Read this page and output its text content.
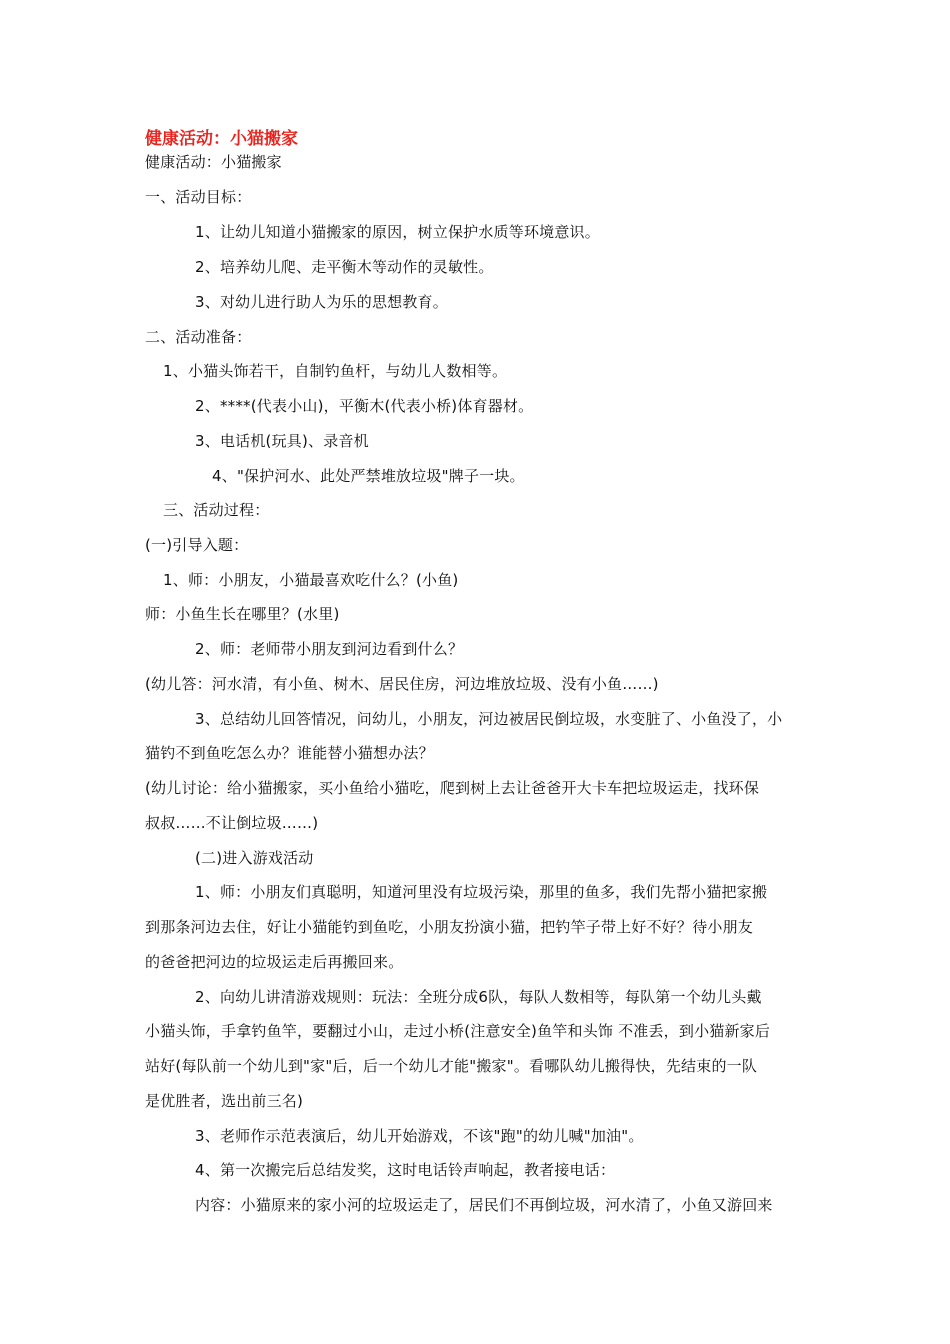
健康活动：小猫搬家
健康活动：小猫搬家
一、活动目标：
1、让幼儿知道小猫搬家的原因，树立保护水质等环境意识。
2、培养幼儿爬、走平衡木等动作的灵敏性。
3、对幼儿进行助人为乐的思想教育。
二、活动准备：
1、小猫头饰若干，自制钓鱼杆，与幼儿人数相等。
2、****(代表小山)，平衡木(代表小桥)体育器材。
3、电话机(玩具)、录音机
4、"保护河水、此处严禁堆放垃圾"牌子一块。
三、活动过程：
(一)引导入题：
1、师：小朋友，小猫最喜欢吃什么？(小鱼)
师：小鱼生长在哪里？(水里)
2、师：老师带小朋友到河边看到什么？
(幼儿答：河水清，有小鱼、树木、居民住房，河边堆放垃圾、没有小鱼……)
3、总结幼儿回答情况，问幼儿，小朋友，河边被居民倒垃圾，水变脏了、小鱼没了，小
猫钓不到鱼吃怎么办？谁能替小猫想办法？
(幼儿讨论：给小猫搬家，买小鱼给小猫吃，爬到树上去让爸爸开大卡车把垃圾运走，找环保
叔叔……不让倒垃圾……)
(二)进入游戏活动
1、师：小朋友们真聪明，知道河里没有垃圾污染，那里的鱼多，我们先帮小猫把家搬
到那条河边去住，好让小猫能钓到鱼吃，小朋友扮演小猫，把钓竿子带上好不好？待小朋友
的爸爸把河边的垃圾运走后再搬回来。
2、向幼儿讲清游戏规则：玩法：全班分成6队，每队人数相等，每队第一个幼儿头戴
小猫头饰，手拿钓鱼竿，要翻过小山，走过小桥(注意安全)鱼竿和头饰 不准丢，到小猫新家后
站好(每队前一个幼儿到"家"后，后一个幼儿才能"搬家"。看哪队幼儿搬得快，先结束的一队
是优胜者，选出前三名)
3、老师作示范表演后，幼儿开始游戏，不该"跑"的幼儿喊"加油"。
4、第一次搬完后总结发奖，这时电话铃声响起，教者接电话：
内容：小猫原来的家小河的垃圾运走了，居民们不再倒垃圾，河水清了，小鱼又游回来
